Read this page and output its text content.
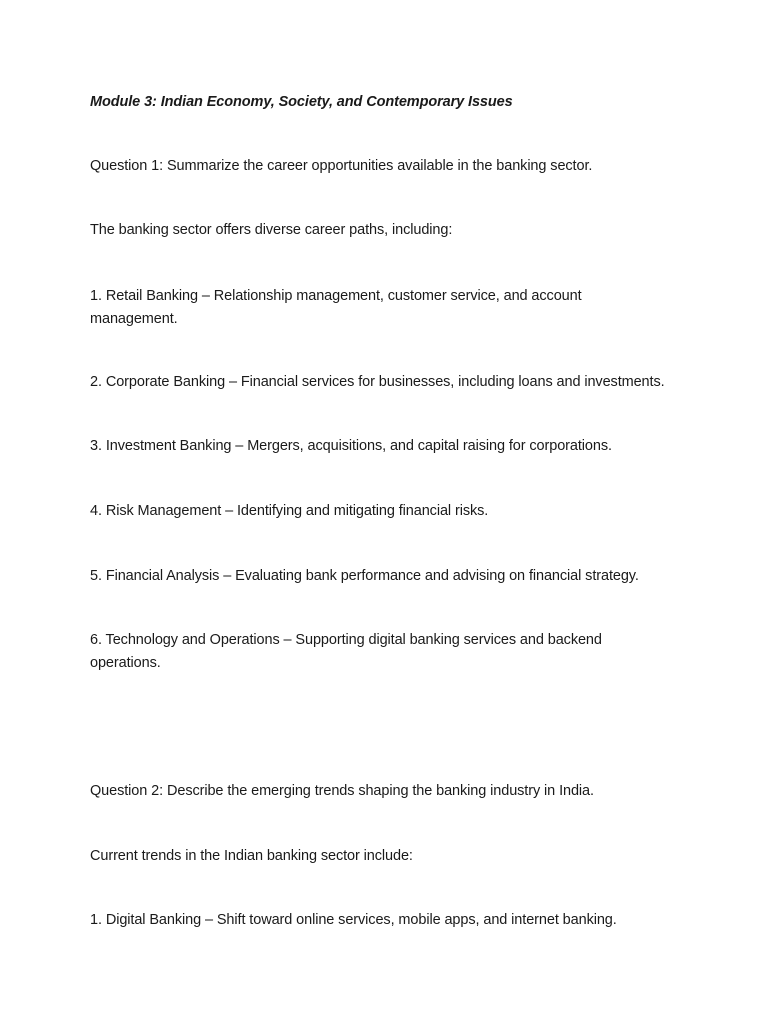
Module 3: Indian Economy, Society, and Contemporary Issues

Question 1: Summarize the career opportunities available in the banking sector.

The banking sector offers diverse career paths, including:

1. Retail Banking – Relationship management, customer service, and account management.

2. Corporate Banking – Financial services for businesses, including loans and investments.

3. Investment Banking – Mergers, acquisitions, and capital raising for corporations.

4. Risk Management – Identifying and mitigating financial risks.

5. Financial Analysis – Evaluating bank performance and advising on financial strategy.

6. Technology and Operations – Supporting digital banking services and backend operations.

Question 2: Describe the emerging trends shaping the banking industry in India.

Current trends in the Indian banking sector include:

1. Digital Banking – Shift toward online services, mobile apps, and internet banking.
